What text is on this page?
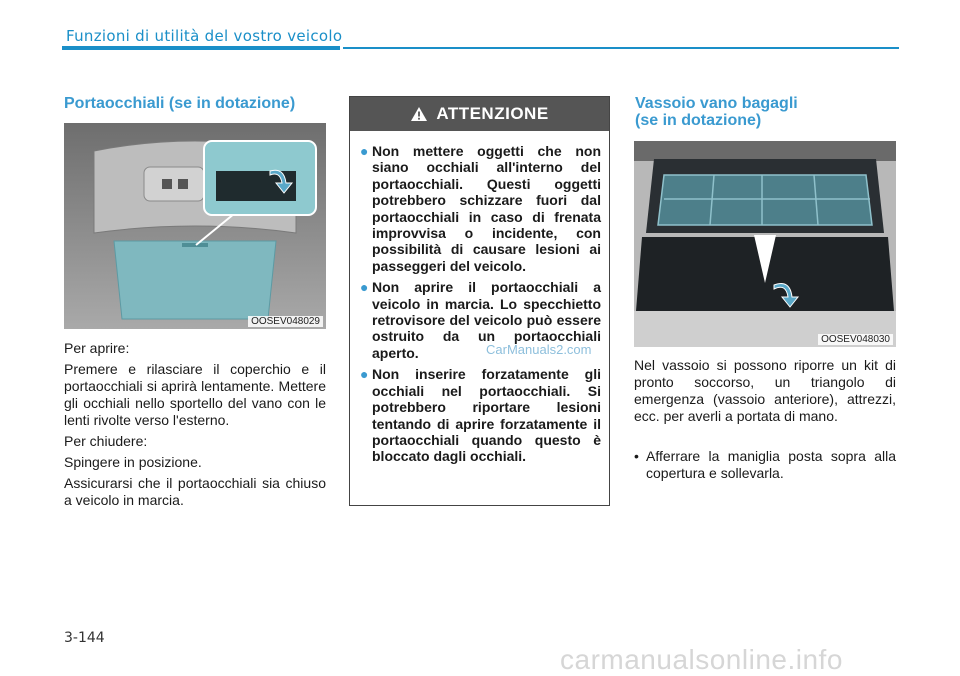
Funzioni di utilità del vostro veicolo
Portaocchiali (se in dotazione)
OOSEV048029

Per aprire:

Premere e rilasciare il coperchio e il portaocchiali si aprirà lentamente. Mettere gli occhiali nello sportello del vano con le lenti rivolte verso l'esterno.

Per chiudere:

Spingere in posizione.

Assicurarsi che il portaocchiali sia chiuso a veicolo in marcia.

ATTENZIONE
● Non mettere oggetti che non siano occhiali all'interno del portaocchiali. Questi oggetti potrebbero schizzare fuori dal portaocchiali in caso di frenata improvvisa o incidente, con possibilità di causare lesioni ai passeggeri del veicolo.
● Non aprire il portaocchiali a veicolo in marcia. Lo specchietto retrovisore del veicolo può essere ostruito da un portaocchiali aperto.
● Non inserire forzatamente gli occhiali nel portaocchiali. Si potrebbero riportare lesioni tentando di aprire forzatamente il portaocchiali quando questo è bloccato dagli occhiali.
Vassoio vano bagagli
(se in dotazione)
OOSEV048030
Nel vassoio si possono riporre un kit di pronto soccorso, un triangolo di emergenza (vassoio anteriore), attrezzi, ecc. per averli a portata di mano.
• Afferrare la maniglia posta sopra alla copertura e sollevarla.
CarManuals2.com
3-144
carmanualsonline.info
